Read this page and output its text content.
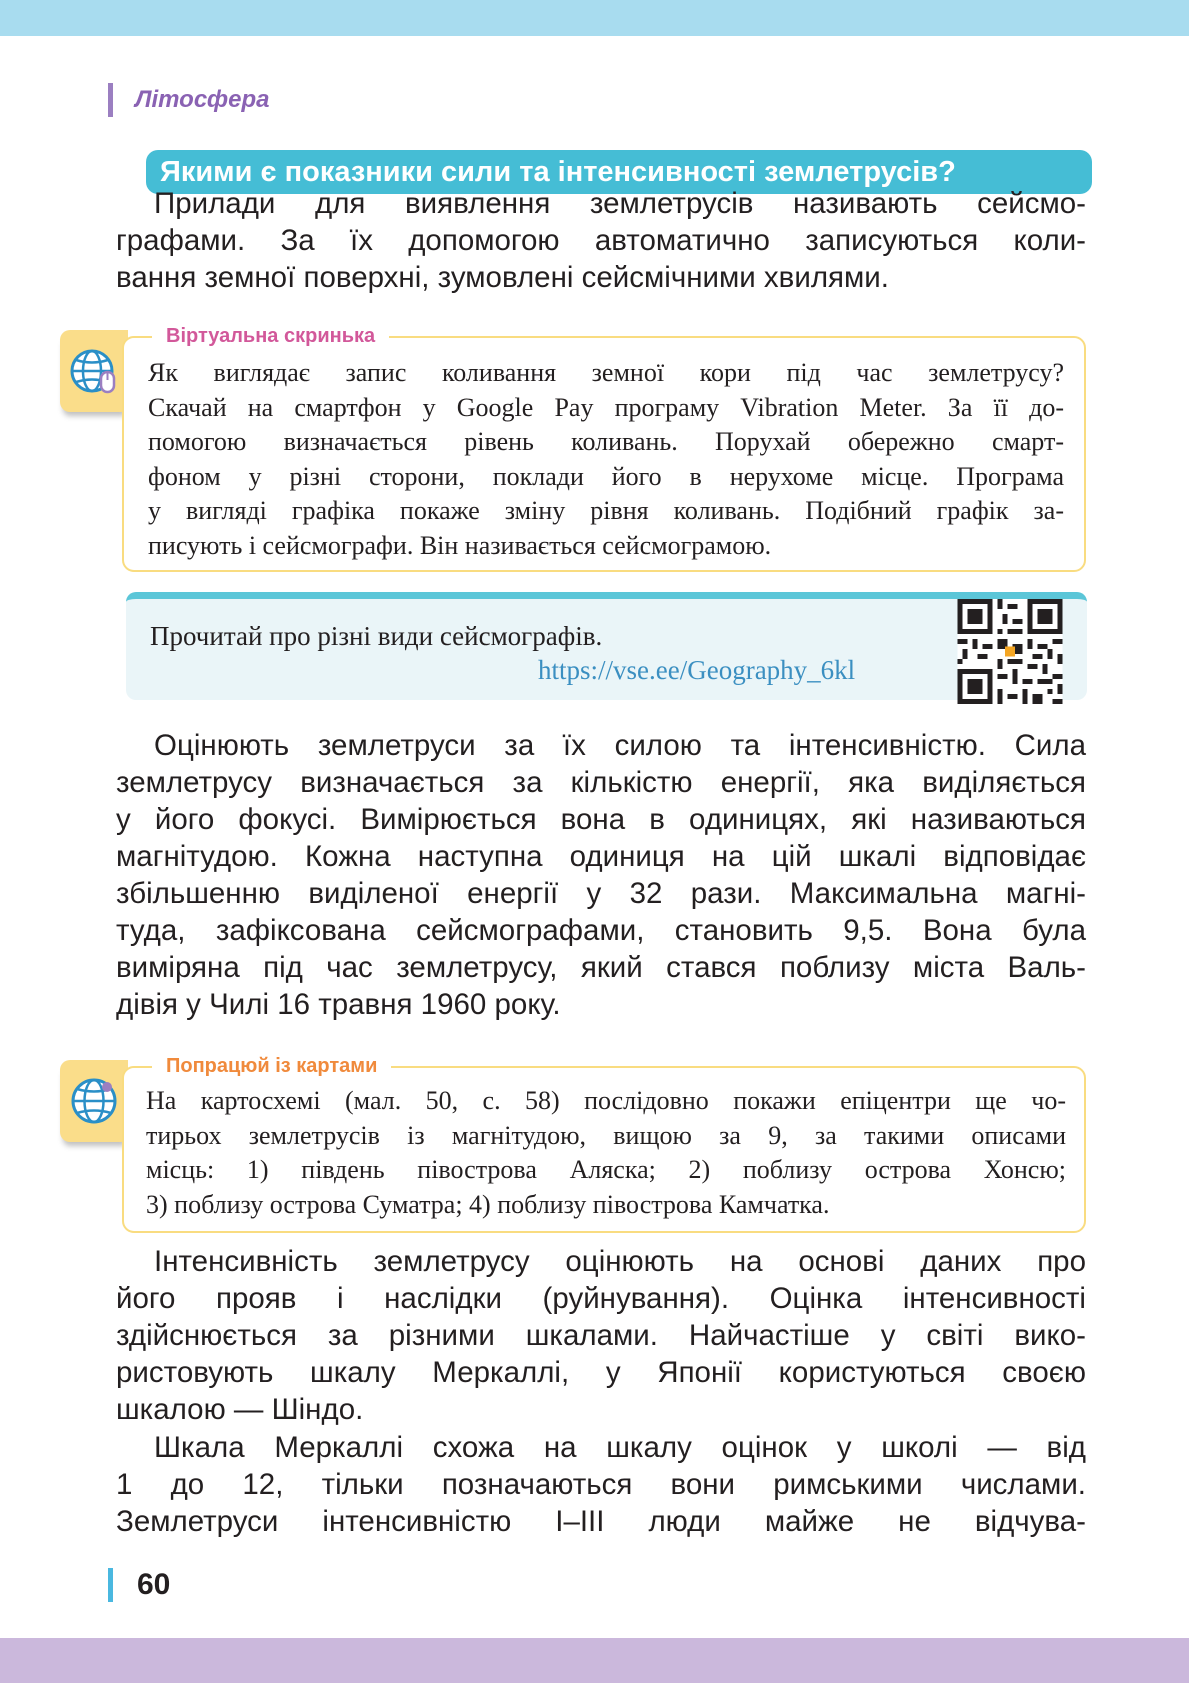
Літосфера
Якими є показники сили та інтенсивності землетрусів?
Прилади для виявлення землетрусів називають сейсмо-
графами. За їх допомогою автоматично записуються коли-
вання земної поверхні, зумовлені сейсмічними хвилями.
Віртуальна скринька
Як виглядає запис коливання земної кори під час землетрусу?
Скачай на смартфон у Google Pay програму Vibration Meter. За її до-
помогою визначається рівень коливань. Порухай обережно смарт-
фоном у різні сторони, поклади його в нерухоме місце. Програма
у вигляді графіка покаже зміну рівня коливань. Подібний графік за-
писують і сейсмографи. Він називається сейсмограмою.
Прочитай про різні види сейсмографів.
https://vse.ee/Geography_6kl
Оцінюють землетруси за їх силою та інтенсивністю. Сила
землетрусу визначається за кількістю енергії, яка виділяється
у його фокусі. Вимірюється вона в одиницях, які називаються
магнітудою. Кожна наступна одиниця на цій шкалі відповідає
збільшенню виділеної енергії у 32 рази. Максимальна магні-
туда, зафіксована сейсмографами, становить 9,5. Вона була
виміряна під час землетрусу, який стався поблизу міста Валь-
дівія у Чилі 16 травня 1960 року.
Попрацюй із картами
На картосхемі (мал. 50, с. 58) послідовно покажи епіцентри ще чо-
тирьох землетрусів із магнітудою, вищою за 9, за такими описами
місць: 1) південь півострова Аляска; 2) поблизу острова Хонсю;
3) поблизу острова Суматра; 4) поблизу півострова Камчатка.
Інтенсивність землетрусу оцінюють на основі даних про
його прояв і наслідки (руйнування). Оцінка інтенсивності
здійснюється за різними шкалами. Найчастіше у світі вико-
ристовують шкалу Меркаллі, у Японії користуються своєю
шкалою — Шіндо.
Шкала Меркаллі схожа на шкалу оцінок у школі — від
1 до 12, тільки позначаються вони римськими числами.
Землетруси інтенсивністю I–III люди майже не відчува-
60
